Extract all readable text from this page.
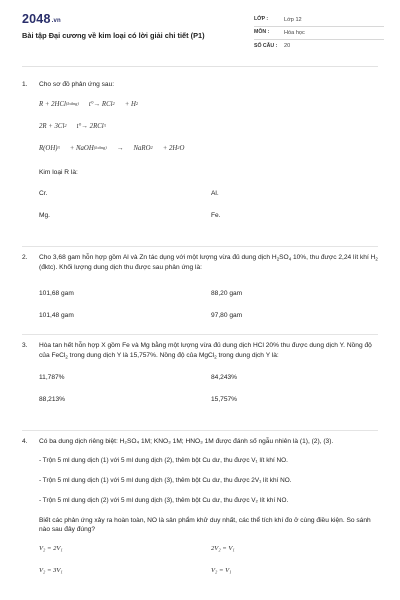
2048.vn
Bài tập Đại cương về kim loại có lời giải chi tiết (P1)
LỚP :	Lớp 12
MÔN :	Hóa học
SỐ CÂU :	20
1. Cho sơ đồ phản ứng sau:
R + 2HCl (loãng) t°→
RCl 2 + H 2
2R + 3Cl 2 t°→
2RCl 3
R(OH) 3 + NaOH (loãng) → NaRO 2 + 2H 2 O
Kim loại R là:
Cr.	Al.
Mg.	Fe.
2. Cho 3,68 gam hỗn hợp gồm Al và Zn tác dụng với một lượng vừa đủ dung dịch $H_2SO_4$ 10%, thu được 2,24 lít khí $H_2$ (đktc). Khối lượng dung dịch thu được sau phản ứng là:
101,68 gam	88,20 gam
101,48 gam	97,80 gam
3. Hòa tan hết hỗn hợp X gồm Fe và Mg bằng một lượng vừa đủ dung dịch HCl 20% thu được dung dịch Y. Nồng độ của FeCl$_2$ trong dung dịch Y là 15,757%. Nồng độ của MgCl$_2$ trong dung dịch Y là:
11,787%	84,243%
88,213%	15,757%
4. Có ba dung dịch riêng biệt: H₂SO₄ 1M; KNO₃ 1M; HNO₃ 1M được đánh số ngẫu nhiên là (1), (2), (3).
- Trộn 5 ml dung dịch (1) với 5 ml dung dịch (2), thêm bột Cu dư, thu được V₁ lít khí NO.
- Trộn 5 ml dung dịch (1) với 5 ml dung dịch (3), thêm bột Cu dư, thu được 2V₁ lít khí NO.
- Trộn 5 ml dung dịch (2) với 5 ml dung dịch (3), thêm bột Cu dư, thu được V₂ lít khí NO.
Biết các phản ứng xảy ra hoàn toàn, NO là sản phẩm khử duy nhất, các thể tích khí đo ở cùng điều kiện. So sánh nào sau đây đúng?
V₂ = 2V₁	2V₂ = V₁
V₂ = 3V₁	V₂ = V₁
